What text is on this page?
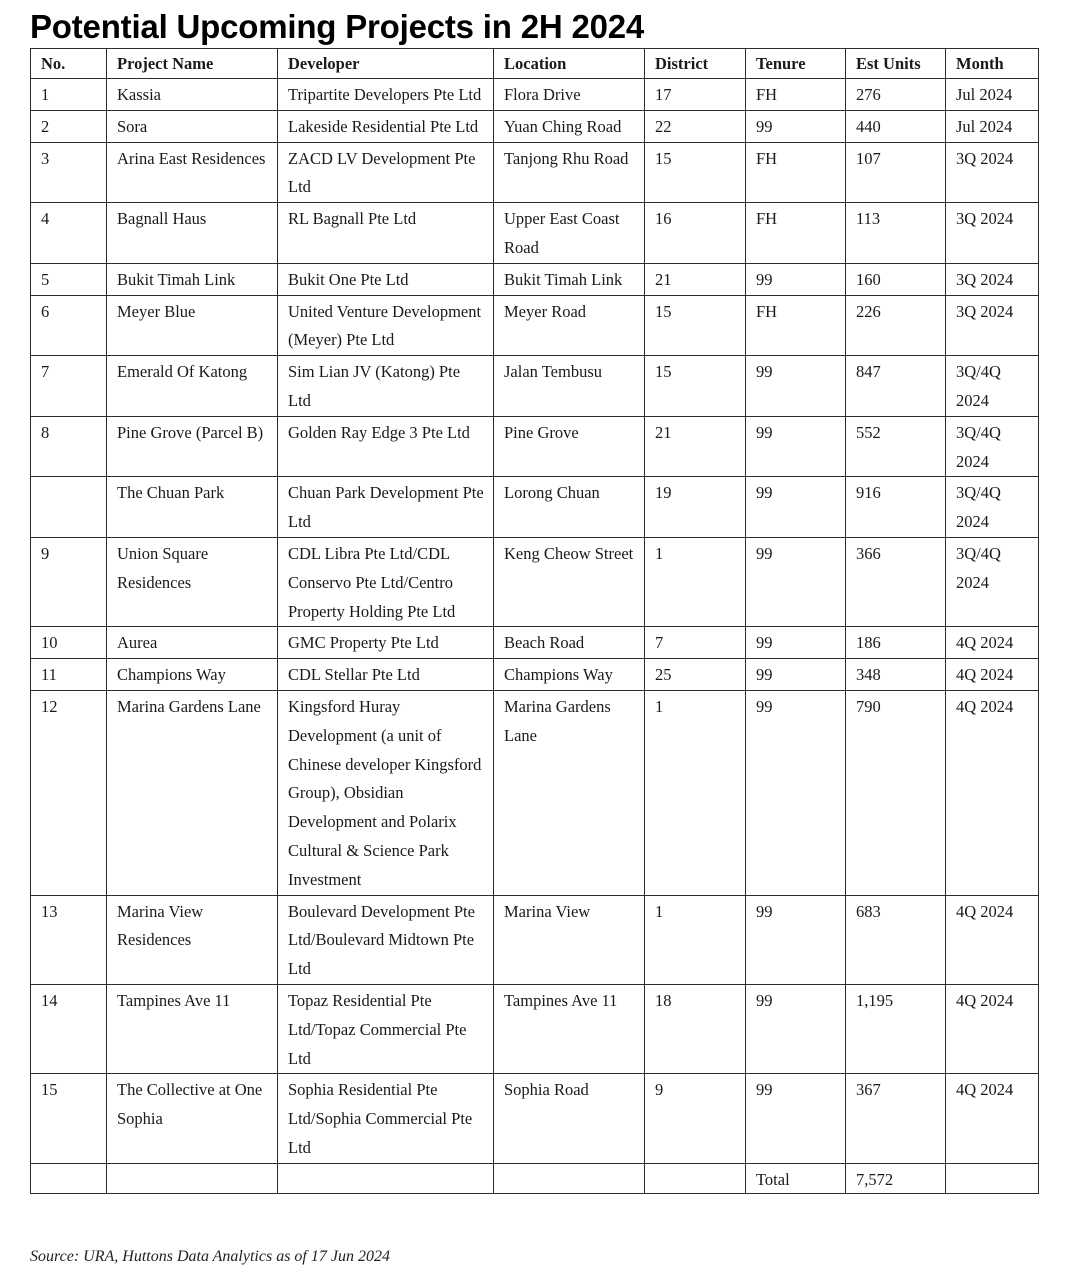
Potential Upcoming Projects in 2H 2024
No.	Project Name	Developer	Location	District	Tenure	Est Units	Month
1	Kassia	Tripartite Developers Pte Ltd	Flora Drive	17	FH	276	Jul 2024
2	Sora	Lakeside Residential Pte Ltd	Yuan Ching Road	22	99	440	Jul 2024
3	Arina East Residences	ZACD LV Development Pte Ltd	Tanjong Rhu Road	15	FH	107	3Q 2024
4	Bagnall Haus	RL Bagnall Pte Ltd	Upper East Coast Road	16	FH	113	3Q 2024
5	Bukit Timah Link	Bukit One Pte Ltd	Bukit Timah Link	21	99	160	3Q 2024
6	Meyer Blue	United Venture Development (Meyer) Pte Ltd	Meyer Road	15	FH	226	3Q 2024
7	Emerald Of Katong	Sim Lian JV (Katong) Pte Ltd	Jalan Tembusu	15	99	847	3Q/4Q 2024
8	Pine Grove (Parcel B)	Golden Ray Edge 3 Pte Ltd	Pine Grove	21	99	552	3Q/4Q 2024
	The Chuan Park	Chuan Park Development Pte Ltd	Lorong Chuan	19	99	916	3Q/4Q 2024
9	Union Square Residences	CDL Libra Pte Ltd/CDL Conservo Pte Ltd/Centro Property Holding Pte Ltd	Keng Cheow Street	1	99	366	3Q/4Q 2024
10	Aurea	GMC Property Pte Ltd	Beach Road	7	99	186	4Q 2024
11	Champions Way	CDL Stellar Pte Ltd	Champions Way	25	99	348	4Q 2024
12	Marina Gardens Lane	Kingsford Huray Development (a unit of Chinese developer Kingsford Group), Obsidian Development and Polarix Cultural & Science Park Investment	Marina Gardens Lane	1	99	790	4Q 2024
13	Marina View Residences	Boulevard Development Pte Ltd/Boulevard Midtown Pte Ltd	Marina View	1	99	683	4Q 2024
14	Tampines Ave 11	Topaz Residential Pte Ltd/Topaz Commercial Pte Ltd	Tampines Ave 11	18	99	1,195	4Q 2024
15	The Collective at One Sophia	Sophia Residential Pte Ltd/Sophia Commercial Pte Ltd	Sophia Road	9	99	367	4Q 2024
					Total	7,572	

Source: URA, Huttons Data Analytics as of 17 Jun 2024
